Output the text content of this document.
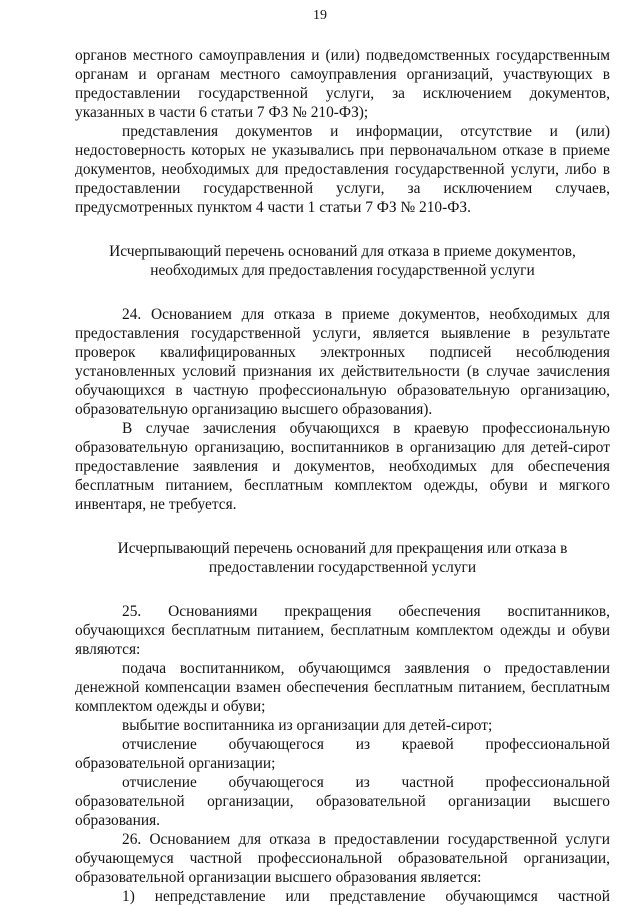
19

органов местного самоуправления и (или) подведомственных государственным органам и органам местного самоуправления организаций, участвующих в предоставлении государственной услуги, за исключением документов, указанных в части 6 статьи 7 ФЗ № 210-ФЗ);

представления документов и информации, отсутствие и (или) недостоверность которых не указывались при первоначальном отказе в приеме документов, необходимых для предоставления государственной услуги, либо в предоставлении государственной услуги, за исключением случаев, предусмотренных пунктом 4 части 1 статьи 7 ФЗ № 210-ФЗ.

Исчерпывающий перечень оснований для отказа в приеме документов, необходимых для предоставления государственной услуги

24. Основанием для отказа в приеме документов, необходимых для предоставления государственной услуги, является выявление в результате проверок квалифицированных электронных подписей несоблюдения установленных условий признания их действительности (в случае зачисления обучающихся в частную профессиональную образовательную организацию, образовательную организацию высшего образования).

В случае зачисления обучающихся в краевую профессиональную образовательную организацию, воспитанников в организацию для детей-сирот предоставление заявления и документов, необходимых для обеспечения бесплатным питанием, бесплатным комплектом одежды, обуви и мягкого инвентаря, не требуется.

Исчерпывающий перечень оснований для прекращения или отказа в предоставлении государственной услуги

25. Основаниями прекращения обеспечения воспитанников, обучающихся бесплатным питанием, бесплатным комплектом одежды и обуви являются:

подача воспитанником, обучающимся заявления о предоставлении денежной компенсации взамен обеспечения бесплатным питанием, бесплатным комплектом одежды и обуви;

выбытие воспитанника из организации для детей-сирот;

отчисление обучающегося из краевой профессиональной образовательной организации;

отчисление обучающегося из частной профессиональной образовательной организации, образовательной организации высшего образования.

26. Основанием для отказа в предоставлении государственной услуги обучающемуся частной профессиональной образовательной организации, образовательной организации высшего образования является:

1) непредставление или представление обучающимся частной
